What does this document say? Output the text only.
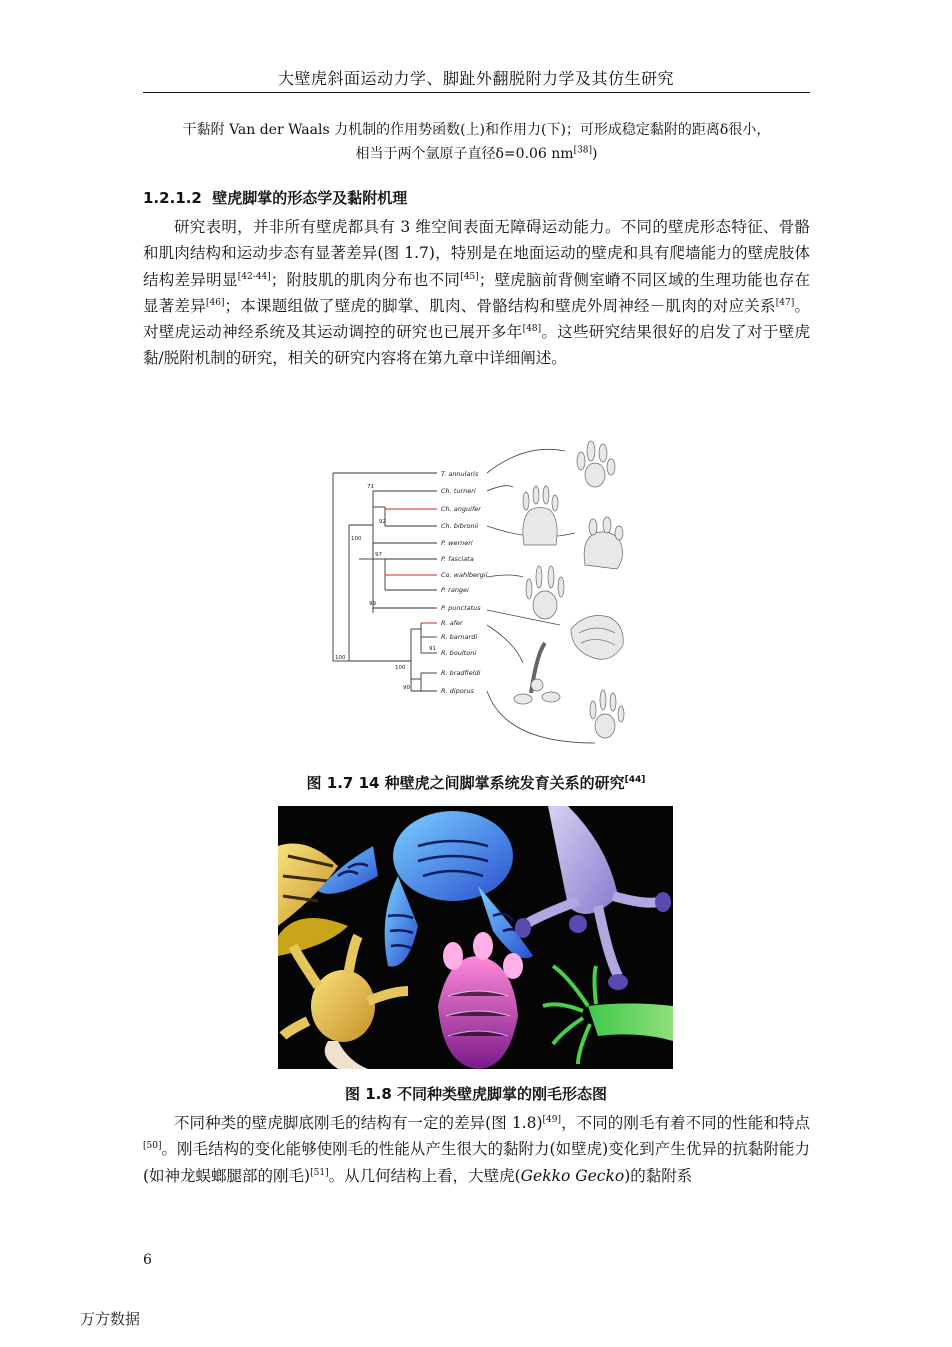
大壁虎斜面运动力学、脚趾外翻脱附力学及其仿生研究
干黏附 Van der Waals 力机制的作用势函数(上)和作用力(下)；可形成稳定黏附的距离δ很小，
相当于两个氩原子直径δ=0.06 nm[38])
1.2.1.2 壁虎脚掌的形态学及黏附机理

研究表明，并非所有壁虎都具有 3 维空间表面无障碍运动能力。不同的壁虎形态特征、骨骼和肌肉结构和运动步态有显著差异(图 1.7)，特别是在地面运动的壁虎和具有爬墙能力的壁虎肢体结构差异明显[42-44]；附肢肌的肌肉分布也不同[45]；壁虎脑前背侧室嵴不同区域的生理功能也存在显著差异[46]；本课题组做了壁虎的脚掌、肌肉、骨骼结构和壁虎外周神经－肌肉的对应关系[47]。对壁虎运动神经系统及其运动调控的研究也已展开多年[48]。这些研究结果很好的启发了对于壁虎黏/脱附机制的研究，相关的研究内容将在第九章中详细阐述。

T. annularis
Ch. turneri
Ch. anguifer
Ch. bibronii
P. werneri
P. fasciata
Co. wahlbergii
P. rangei
P. punctatus
R. afer
R. barnardi
R. boultoni
R. bradfieldi
R. diporus
71
92
100
97
99
100
91
100
90
图 1.7 14 种壁虎之间脚掌系统发育关系的研究[44]
图 1.8 不同种类壁虎脚掌的刚毛形态图

不同种类的壁虎脚底刚毛的结构有一定的差异(图 1.8)[49]，不同的刚毛有着不同的性能和特点[50]。刚毛结构的变化能够使刚毛的性能从产生很大的黏附力(如壁虎)变化到产生优异的抗黏附能力(如神龙蜈螂腿部的刚毛)[51]。从几何结构上看，大壁虎(Gekko Gecko)的黏附系

6
万方数据
